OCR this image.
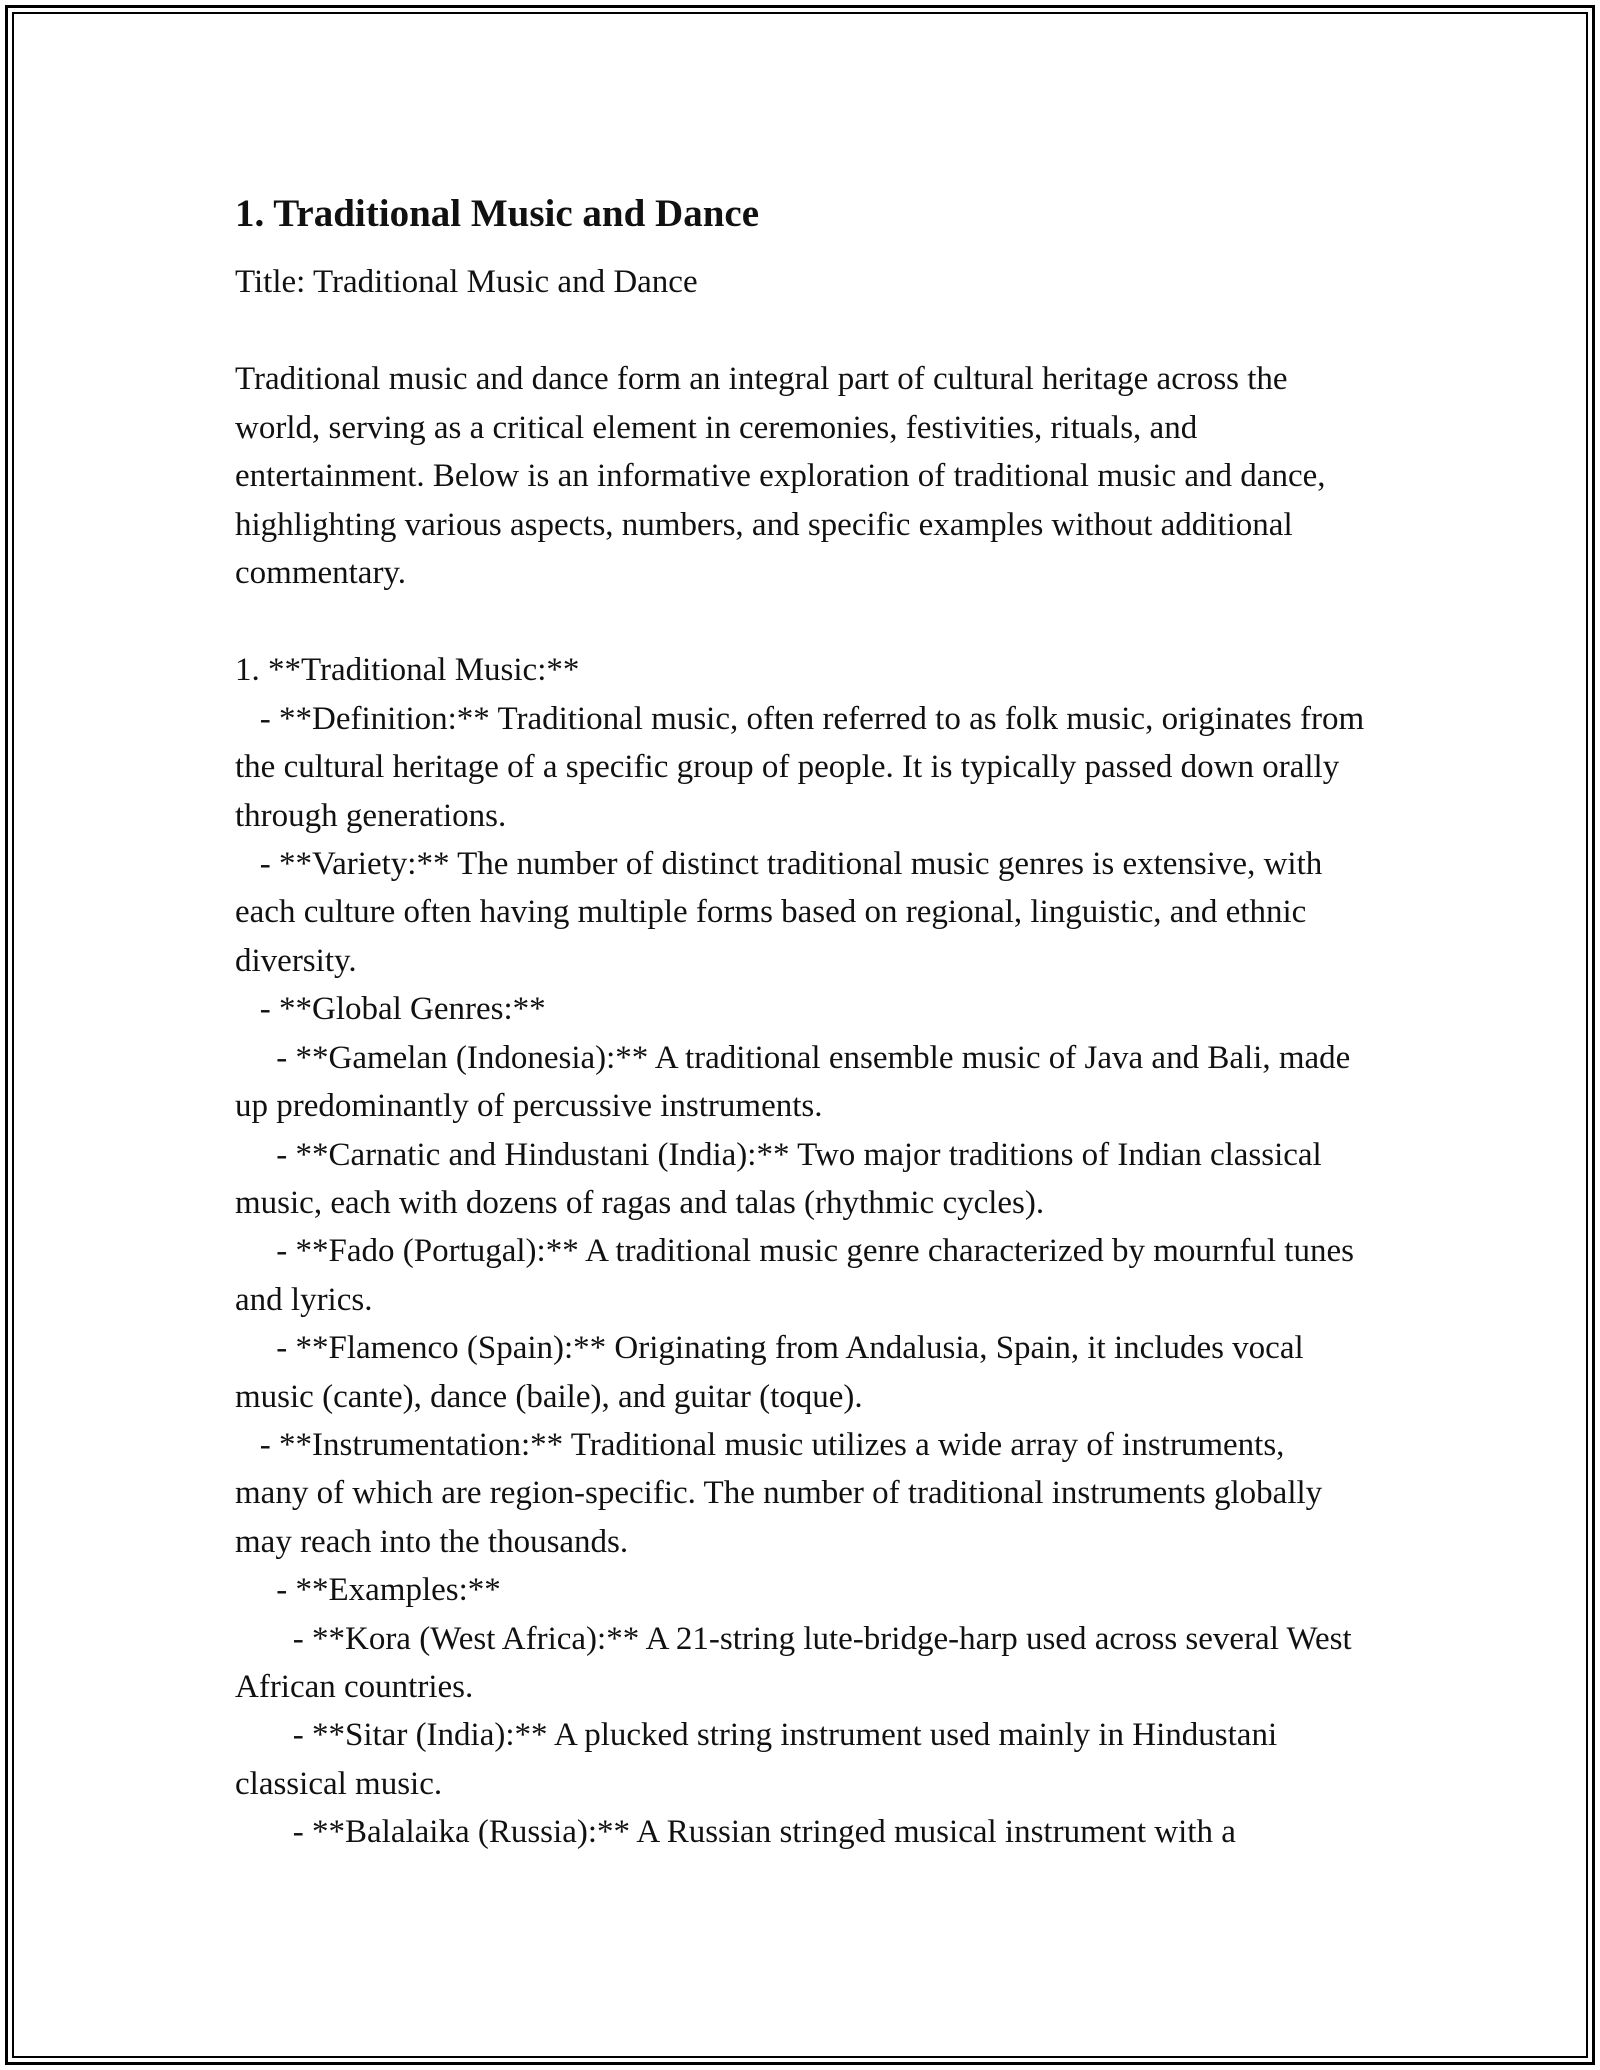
1. Traditional Music and Dance
Title: Traditional Music and Dance
Traditional music and dance form an integral part of cultural heritage across the world, serving as a critical element in ceremonies, festivities, rituals, and entertainment. Below is an informative exploration of traditional music and dance, highlighting various aspects, numbers, and specific examples without additional commentary.

1. **Traditional Music:**

- **Definition:** Traditional music, often referred to as folk music, originates from the cultural heritage of a specific group of people. It is typically passed down orally through generations.

- **Variety:** The number of distinct traditional music genres is extensive, with each culture often having multiple forms based on regional, linguistic, and ethnic diversity.

- **Global Genres:**

- **Gamelan (Indonesia):** A traditional ensemble music of Java and Bali, made up predominantly of percussive instruments.

- **Carnatic and Hindustani (India):** Two major traditions of Indian classical music, each with dozens of ragas and talas (rhythmic cycles).

- **Fado (Portugal):** A traditional music genre characterized by mournful tunes and lyrics.

- **Flamenco (Spain):** Originating from Andalusia, Spain, it includes vocal music (cante), dance (baile), and guitar (toque).

- **Instrumentation:** Traditional music utilizes a wide array of instruments, many of which are region-specific. The number of traditional instruments globally may reach into the thousands.

- **Examples:**

- **Kora (West Africa):** A 21-string lute-bridge-harp used across several West African countries.

- **Sitar (India):** A plucked string instrument used mainly in Hindustani classical music.

- **Balalaika (Russia):** A Russian stringed musical instrument with a
